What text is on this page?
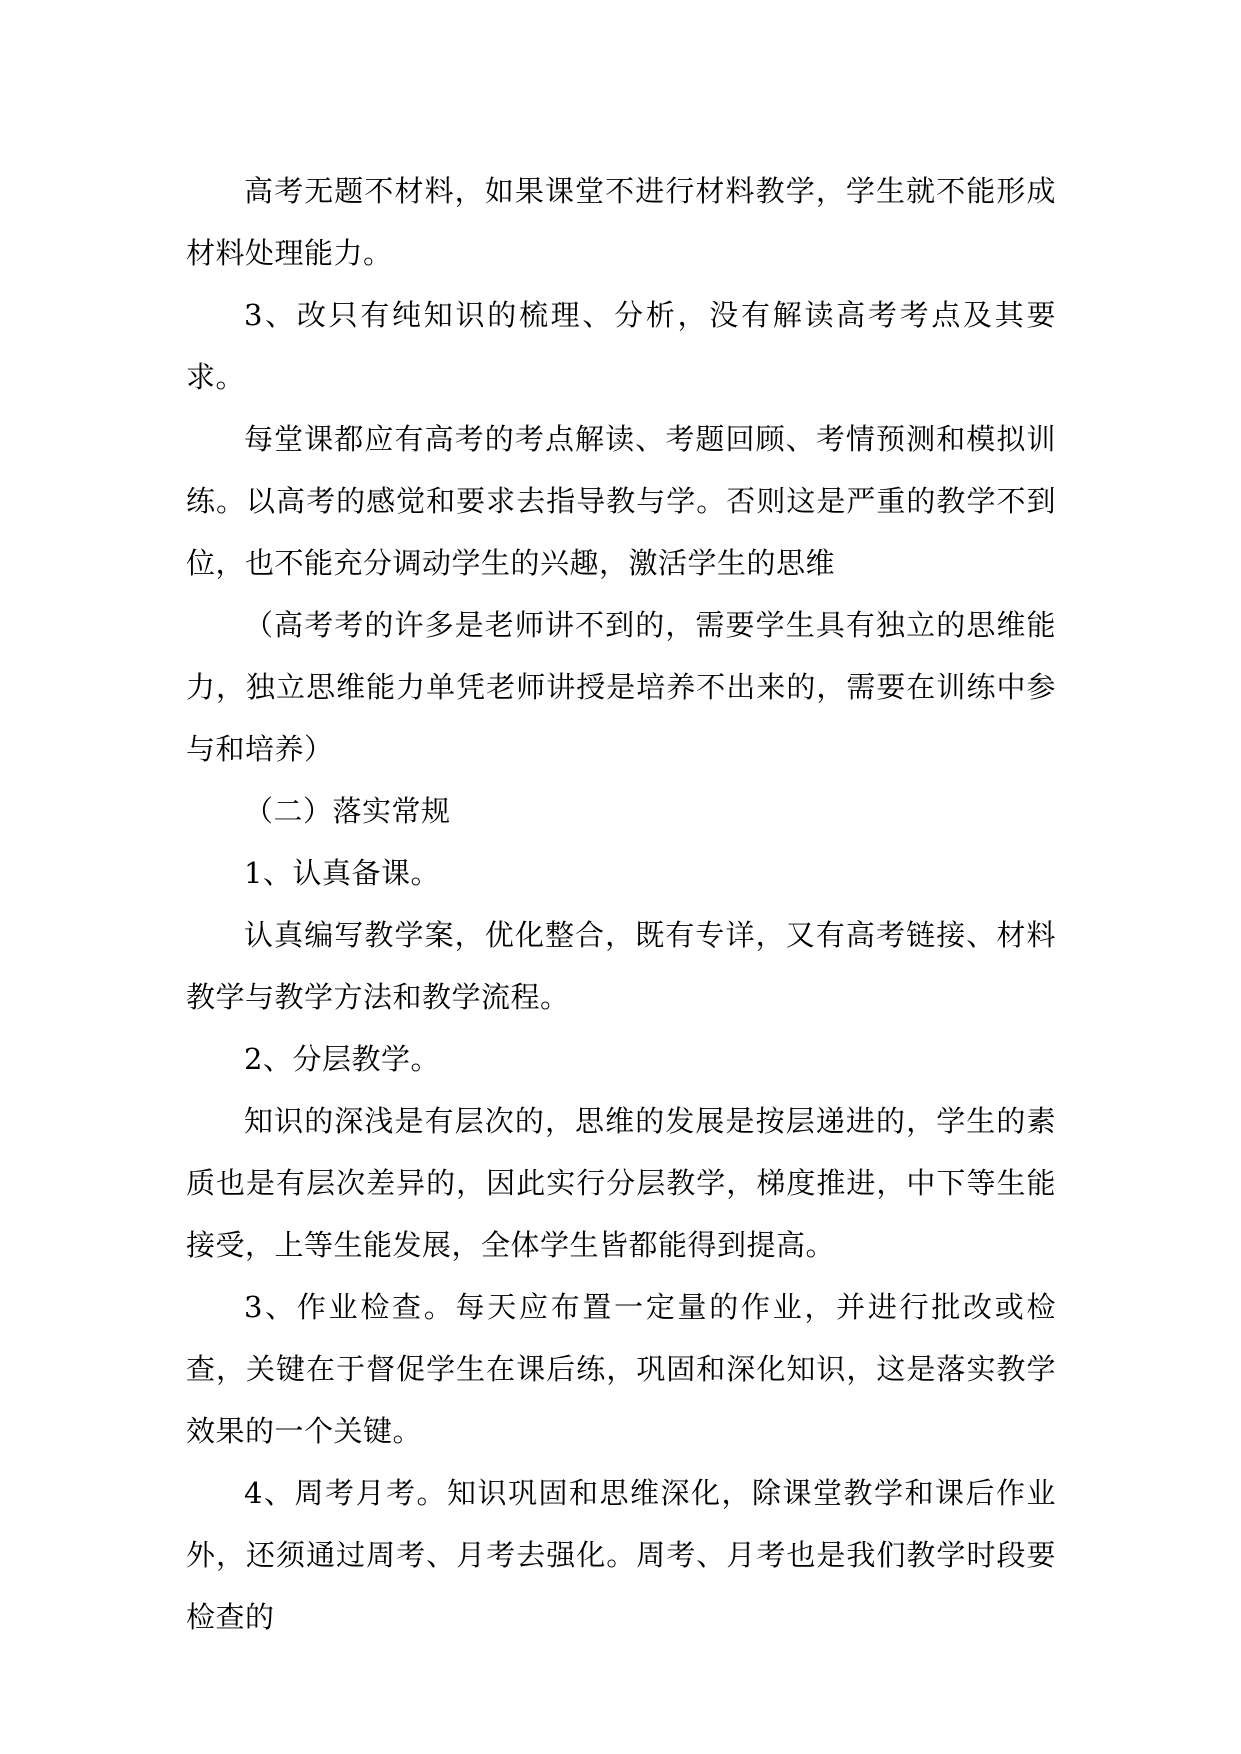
高考无题不材料，如果课堂不进行材料教学，学生就不能形成材料处理能力。

3、改只有纯知识的梳理、分析，没有解读高考考点及其要求。

每堂课都应有高考的考点解读、考题回顾、考情预测和模拟训练。以高考的感觉和要求去指导教与学。否则这是严重的教学不到位，也不能充分调动学生的兴趣，激活学生的思维

（高考考的许多是老师讲不到的，需要学生具有独立的思维能力，独立思维能力单凭老师讲授是培养不出来的，需要在训练中参与和培养）

（二）落实常规

1、认真备课。

认真编写教学案，优化整合，既有专详，又有高考链接、材料教学与教学方法和教学流程。

2、分层教学。

知识的深浅是有层次的，思维的发展是按层递进的，学生的素质也是有层次差异的，因此实行分层教学，梯度推进，中下等生能接受，上等生能发展，全体学生皆都能得到提高。

3、作业检查。每天应布置一定量的作业，并进行批改或检查，关键在于督促学生在课后练，巩固和深化知识，这是落实教学效果的一个关键。

4、周考月考。知识巩固和思维深化，除课堂教学和课后作业外，还须通过周考、月考去强化。周考、月考也是我们教学时段要检查的
